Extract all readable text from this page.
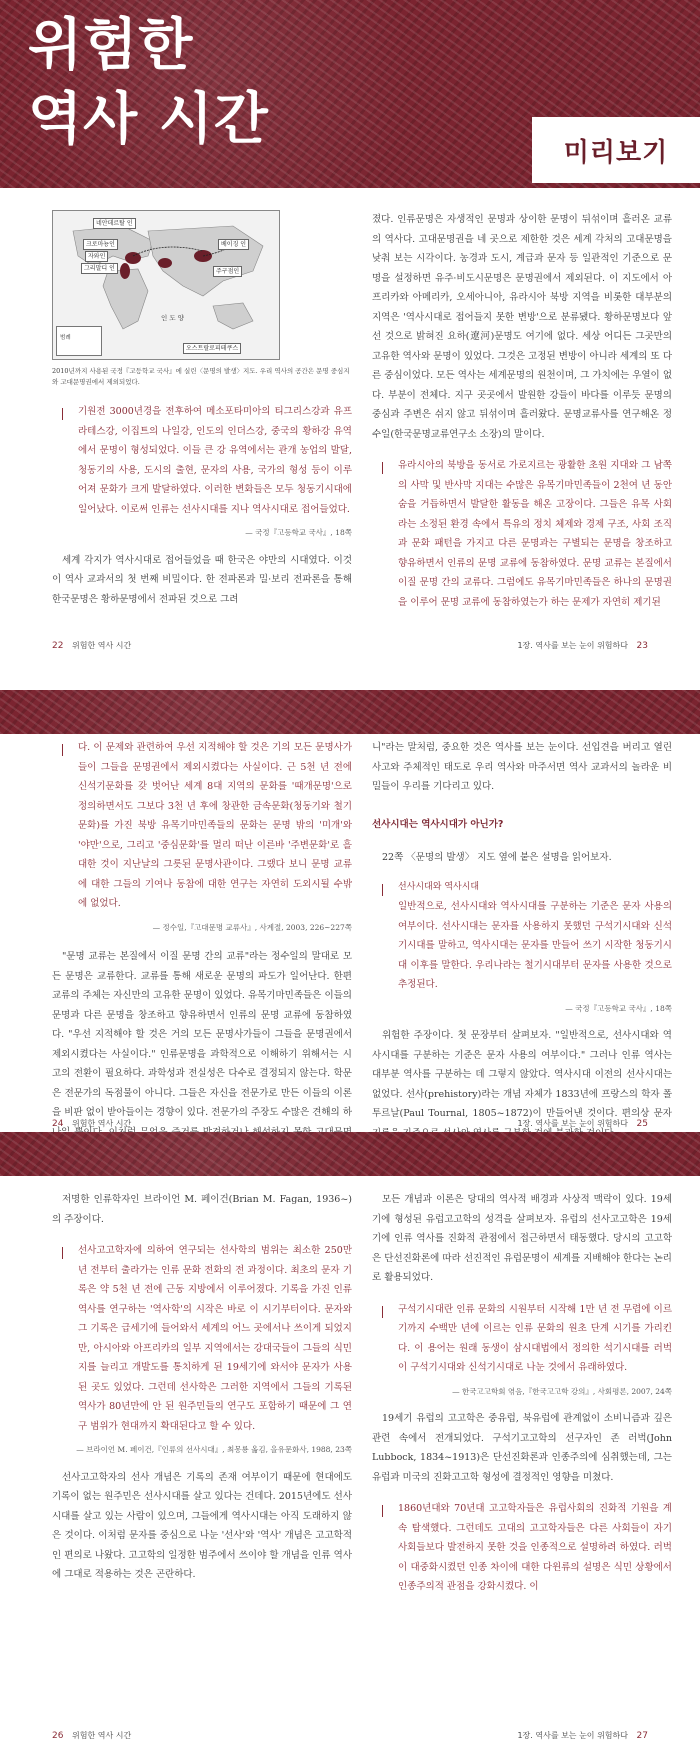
위험한
역사 시간
미리보기
네안데르탈 인
크로마뇽인
자와인
그리말디 인
베이징 인
주구점인
오스트랄로피테쿠스
인 도 양
범례
2010년까지 사용된 국정『고등학교 국사』에 실린〈문명의 발생〉지도. 우리 역사의 공간은 문명 중심지와 고대문명권에서 제외되었다.
기원전 3000년경을 전후하여 메소포타미아의 티그리스강과 유프라테스강, 이집트의 나일강, 인도의 인더스강, 중국의 황하강 유역에서 문명이 형성되었다. 이들 큰 강 유역에서는 관개 농업의 발달, 청동기의 사용, 도시의 출현, 문자의 사용, 국가의 형성 등이 이루어져 문화가 크게 발달하였다. 이러한 변화들은 모두 청동기시대에 일어났다. 이로써 인류는 선사시대를 지나 역사시대로 접어들었다.
— 국정『고등학교 국사』, 18쪽
세계 각지가 역사시대로 접어들었을 때 한국은 야만의 시대였다. 이것이 역사 교과서의 첫 번째 비밀이다. 한 전파론과 밀·보리 전파론을 통해 한국문명은 황하문명에서 전파된 것으로 그려
졌다. 인류문명은 자생적인 문명과 상이한 문명이 뒤섞이며 흘러온 교류의 역사다. 고대문명권을 네 곳으로 제한한 것은 세계 각처의 고대문명을 낮춰 보는 시각이다. 농경과 도시, 계급과 문자 등 일관적인 기준으로 문명을 설정하면 유주·비도시문명은 문명권에서 제외된다. 이 지도에서 아프리카와 아메리카, 오세아니아, 유라시아 북방 지역을 비롯한 대부분의 지역은 '역사시대로 접어들지 못한 변방'으로 분류됐다. 황하문명보다 앞선 것으로 밝혀진 요하(遼河)문명도 여기에 없다. 세상 어디든 그곳만의 고유한 역사와 문명이 있었다. 그것은 고정된 변방이 아니라 세계의 또 다른 중심이었다. 모든 역사는 세계문명의 원천이며, 그 가치에는 우열이 없다. 부분이 전체다. 지구 곳곳에서 발원한 강들이 바다를 이루듯 문명의 중심과 주변은 쉬지 않고 뒤섞이며 흘러왔다. 문명교류사를 연구해온 정수일(한국문명교류연구소 소장)의 말이다.
유라시아의 북방을 동서로 가로지르는 광활한 초원 지대와 그 남쪽의 사막 및 반사막 지대는 수많은 유목기마민족들이 2천여 년 동안 숨을 거듭하면서 발달한 활동을 해온 고장이다. 그들은 유목 사회라는 소정된 환경 속에서 특유의 정치 체제와 경제 구조, 사회 조직과 문화 패턴을 가지고 다른 문명과는 구별되는 문명을 창조하고 향유하면서 인류의 문명 교류에 동참하였다. 문명 교류는 본질에서 이질 문명 간의 교류다. 그럼에도 유목기마민족들은 하나의 문명권을 이루어 문명 교류에 동참하였는가 하는 문제가 자연히 제기된
22 위험한 역사 시간	1장. 역사를 보는 눈이 위험하다 23
다. 이 문제와 관련하여 우선 지적해야 할 것은 기의 모든 문명사가들이 그들을 문명권에서 제외시켰다는 사실이다. 근 5천 년 전에 신석기문화를 갖 벗어난 세계 8대 지역의 문화를 '때개문명'으로 정의하면서도 그보다 3천 년 후에 창관한 금속문화(청동기와 철기문화)를 가진 북방 유목기마민족들의 문화는 문명 밖의 '미개'와 '야만'으로, 그리고 '중심문화'를 멀리 떠난 이른바 '주변문화'로 흘대한 것이 지난날의 그릇된 문명사관이다. 그랬다 보니 문명 교류에 대한 그들의 기여나 동참에 대한 연구는 자연히 도외시될 수밖에 없었다.
— 정수일,『고대문명 교류사』, 사계절, 2003, 226~227쪽
"문명 교류는 본질에서 이질 문명 간의 교류"라는 정수일의 말대로 모든 문명은 교류한다. 교류를 통해 새로운 문명의 파도가 일어난다. 한편 교류의 주체는 자신만의 고유한 문명이 있었다. 유목기마민족들은 이들의 문명과 다른 문명을 창조하고 향유하면서 인류의 문명 교류에 동참하였다. "우선 지적해야 할 것은 거의 모든 문명사가들이 그들을 문명권에서 제외시켰다는 사실이다." 인류문명을 과학적으로 이해하기 위해서는 시고의 전환이 필요하다. 과학성과 전실성은 다수로 결정되지 않는다. 학문은 전문가의 독점물이 아니다. 그들은 자신을 전문가로 만든 이들의 이론을 비판 없이 받아들이는 경향이 있다. 전문가의 주장도 수많은 견해의 하
니"라는 말처럼, 중요한 것은 역사를 보는 눈이다. 선입견을 버리고 열린 사고와 주체적인 태도로 우리 역사와 마주서면 역사 교과서의 놀라운 비밀들이 우리를 기다리고 있다.
선사시대는 역사시대가 아닌가?
22쪽 〈문명의 발생〉 지도 옆에 붙은 설명을 읽어보자.
선사시대와 역사시대
일반적으로, 선사시대와 역사시대를 구분하는 기준은 문자 사용의 여부이다. 선사시대는 문자를 사용하지 못했던 구석기시대와 신석기시대를 말하고, 역사시대는 문자를 만들어 쓰기 시작한 청동기시대 이후를 말한다. 우리나라는 철기시대부터 문자를 사용한 것으로 추정된다.
— 국정『고등학교 국사』, 18쪽
위험한 주장이다. 첫 문장부터 살펴보자. "일반적으로, 선사시대와 역사시대를 구분하는 기준은 문자 사용의 여부이다." 그러나 인류 역사는 대부분 역사를 구분하는 데 그렇지 않았다. 역사시대 이전의 선사시대는 없었다. 선사(prehistory)라는 개념 자체가 1833년에 프랑스의 학자 폴 투르날(Paul Tournal, 1805~1872)이 만들어낸 것이다. 편의상 문자
24 위험한 역사 시간	1장. 역사를 보는 눈이 위험하다 25
저명한 인류학자인 브라이언 M. 페이건(Brian M. Fagan, 1936~)의 주장이다.
선사고고학자에 의하여 연구되는 선사학의 범위는 최소한 250만 년 전부터 출라가는 인류 문화 전화의 전 과정이다. 최초의 문자 기록은 약 5천 년 전에 근동 지방에서 이루어졌다. 기록을 가진 인류 역사를 연구하는 '역사학'의 시작은 바로 이 시기부터이다. 문자와 그 기록은 급세기에 들어와서 세계의 어느 곳에서나 쓰이게 되었지만, 아시아와 아프리카의 일부 지역에서는 강대국들이 그들의 식민지를 늘리고 개발도를 통치하게 된 19세기에 와서야 문자가 사용된 곳도 있었다. 그런데 선사학은 그러한 지역에서 그들의 기록된 역사가 80년만에 안 된 원주민들의 연구도 포함하기 때문에 그 연구 범위가 현대까지 확대된다고 할 수 있다.
— 브라이언 M. 페이건,『인류의 선사시대』, 최몽룡 옮김, 을유문화사, 1988, 23쪽
선사고고학자의 선사 개념은 기록의 존재 여부이기 때문에 현대에도 기록이 없는 원주민은 선사시대를 살고 있다는 건데다. 2015년에도 선사시대를 살고 있는 사람이 있으며, 그들에게 역사시대는 아직 도래하지 않은 것이다. 이처럼 문자를 중심으로 나눈 '선사'와 '역사' 개념은 고고학적인 편의로 나왔다. 고고학의 일정한 범주에서 쓰이야 할 개념을 인류 역사에 그대로 적용하는 것은 곤란하다.
모든 개념과 이론은 당대의 역사적 배경과 사상적 맥락이 있다. 19세기에 형성된 유럽고고학의 성격을 살펴보자. 유럽의 선사고고학은 19세기에 인류 역사를 진화적 관점에서 접근하면서 태동했다. 당시의 고고학은 단선진화론에 따라 선진적인 유럽문명이 세계를 지배해야 한다는 논리로 활용되었다.
구석기시대란 인류 문화의 시원부터 시작해 1만 년 전 무렵에 이르기까지 수백만 년에 이르는 인류 문화의 원초 단계 시기를 가리킨다. 이 용어는 원래 동생이 삼시대법에서 정의한 석기시대를 러벅이 구석기시대와 신석기시대로 나눈 것에서 유래하였다.
— 한국고고학회 엮음,『한국고고학 강의』, 사회평론, 2007, 24쪽
19세기 유럽의 고고학은 중유럽, 북유럽에 관계없이 소비니즘과 깊은 관련 속에서 전개되었다. 구석기고고학의 선구자인 존 러벅(John Lubbock, 1834~1913)은 단선진화론과 인종주의에 심취했는데, 그는 유럽과 미국의 진화고고학 형성에 결정적인 영향을 미쳤다.
1860년대와 70년대 고고학자들은 유럽사회의 진화적 기원을 계속 탐색했다. 그런데도 고대의 고고학자들은 다른 사회들이 자기 사회들보다 발전하지 못한 것을 인종적으로 설명하려 하였다. 러벅이 대중화시켰던 인종 차이에 대한 다윈류의 설명은 식민 상황에서 인종주의적 관점을 강화시켰다. 이
26 위험한 역사 시간	1장. 역사를 보는 눈이 위험하다 27
